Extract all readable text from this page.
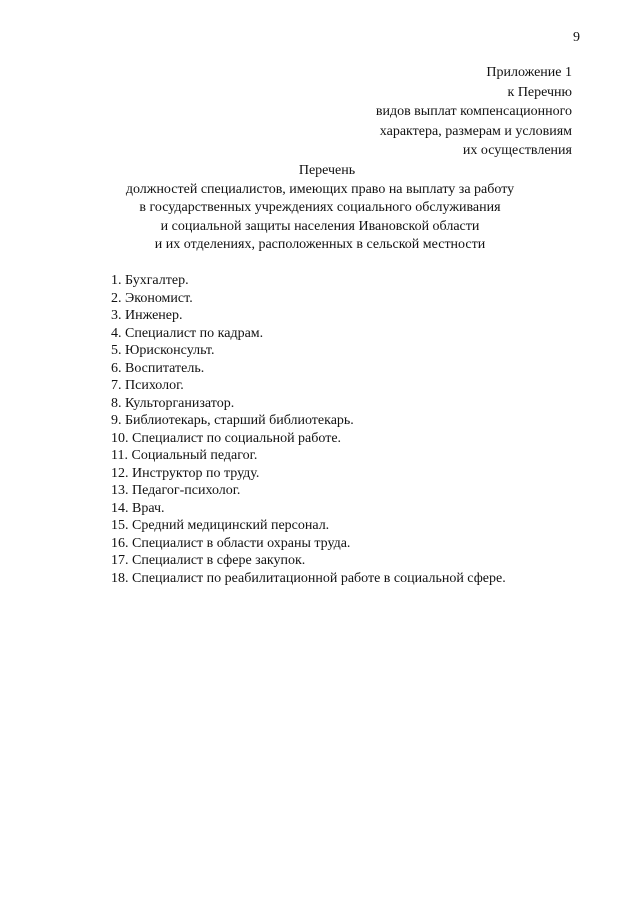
9
Приложение 1
к Перечню
видов выплат компенсационного
характера, размерам и условиям
их осуществления
Перечень
должностей специалистов, имеющих право на выплату за работу
в государственных учреждениях социального обслуживания
и социальной защиты населения Ивановской области
и их отделениях, расположенных в сельской местности
1. Бухгалтер.
2. Экономист.
3. Инженер.
4. Специалист по кадрам.
5. Юрисконсульт.
6. Воспитатель.
7. Психолог.
8. Культорганизатор.
9. Библиотекарь, старший библиотекарь.
10. Специалист по социальной работе.
11. Социальный педагог.
12. Инструктор по труду.
13. Педагог-психолог.
14. Врач.
15. Средний медицинский персонал.
16. Специалист в области охраны труда.
17. Специалист в сфере закупок.
18. Специалист по реабилитационной работе в социальной сфере.
